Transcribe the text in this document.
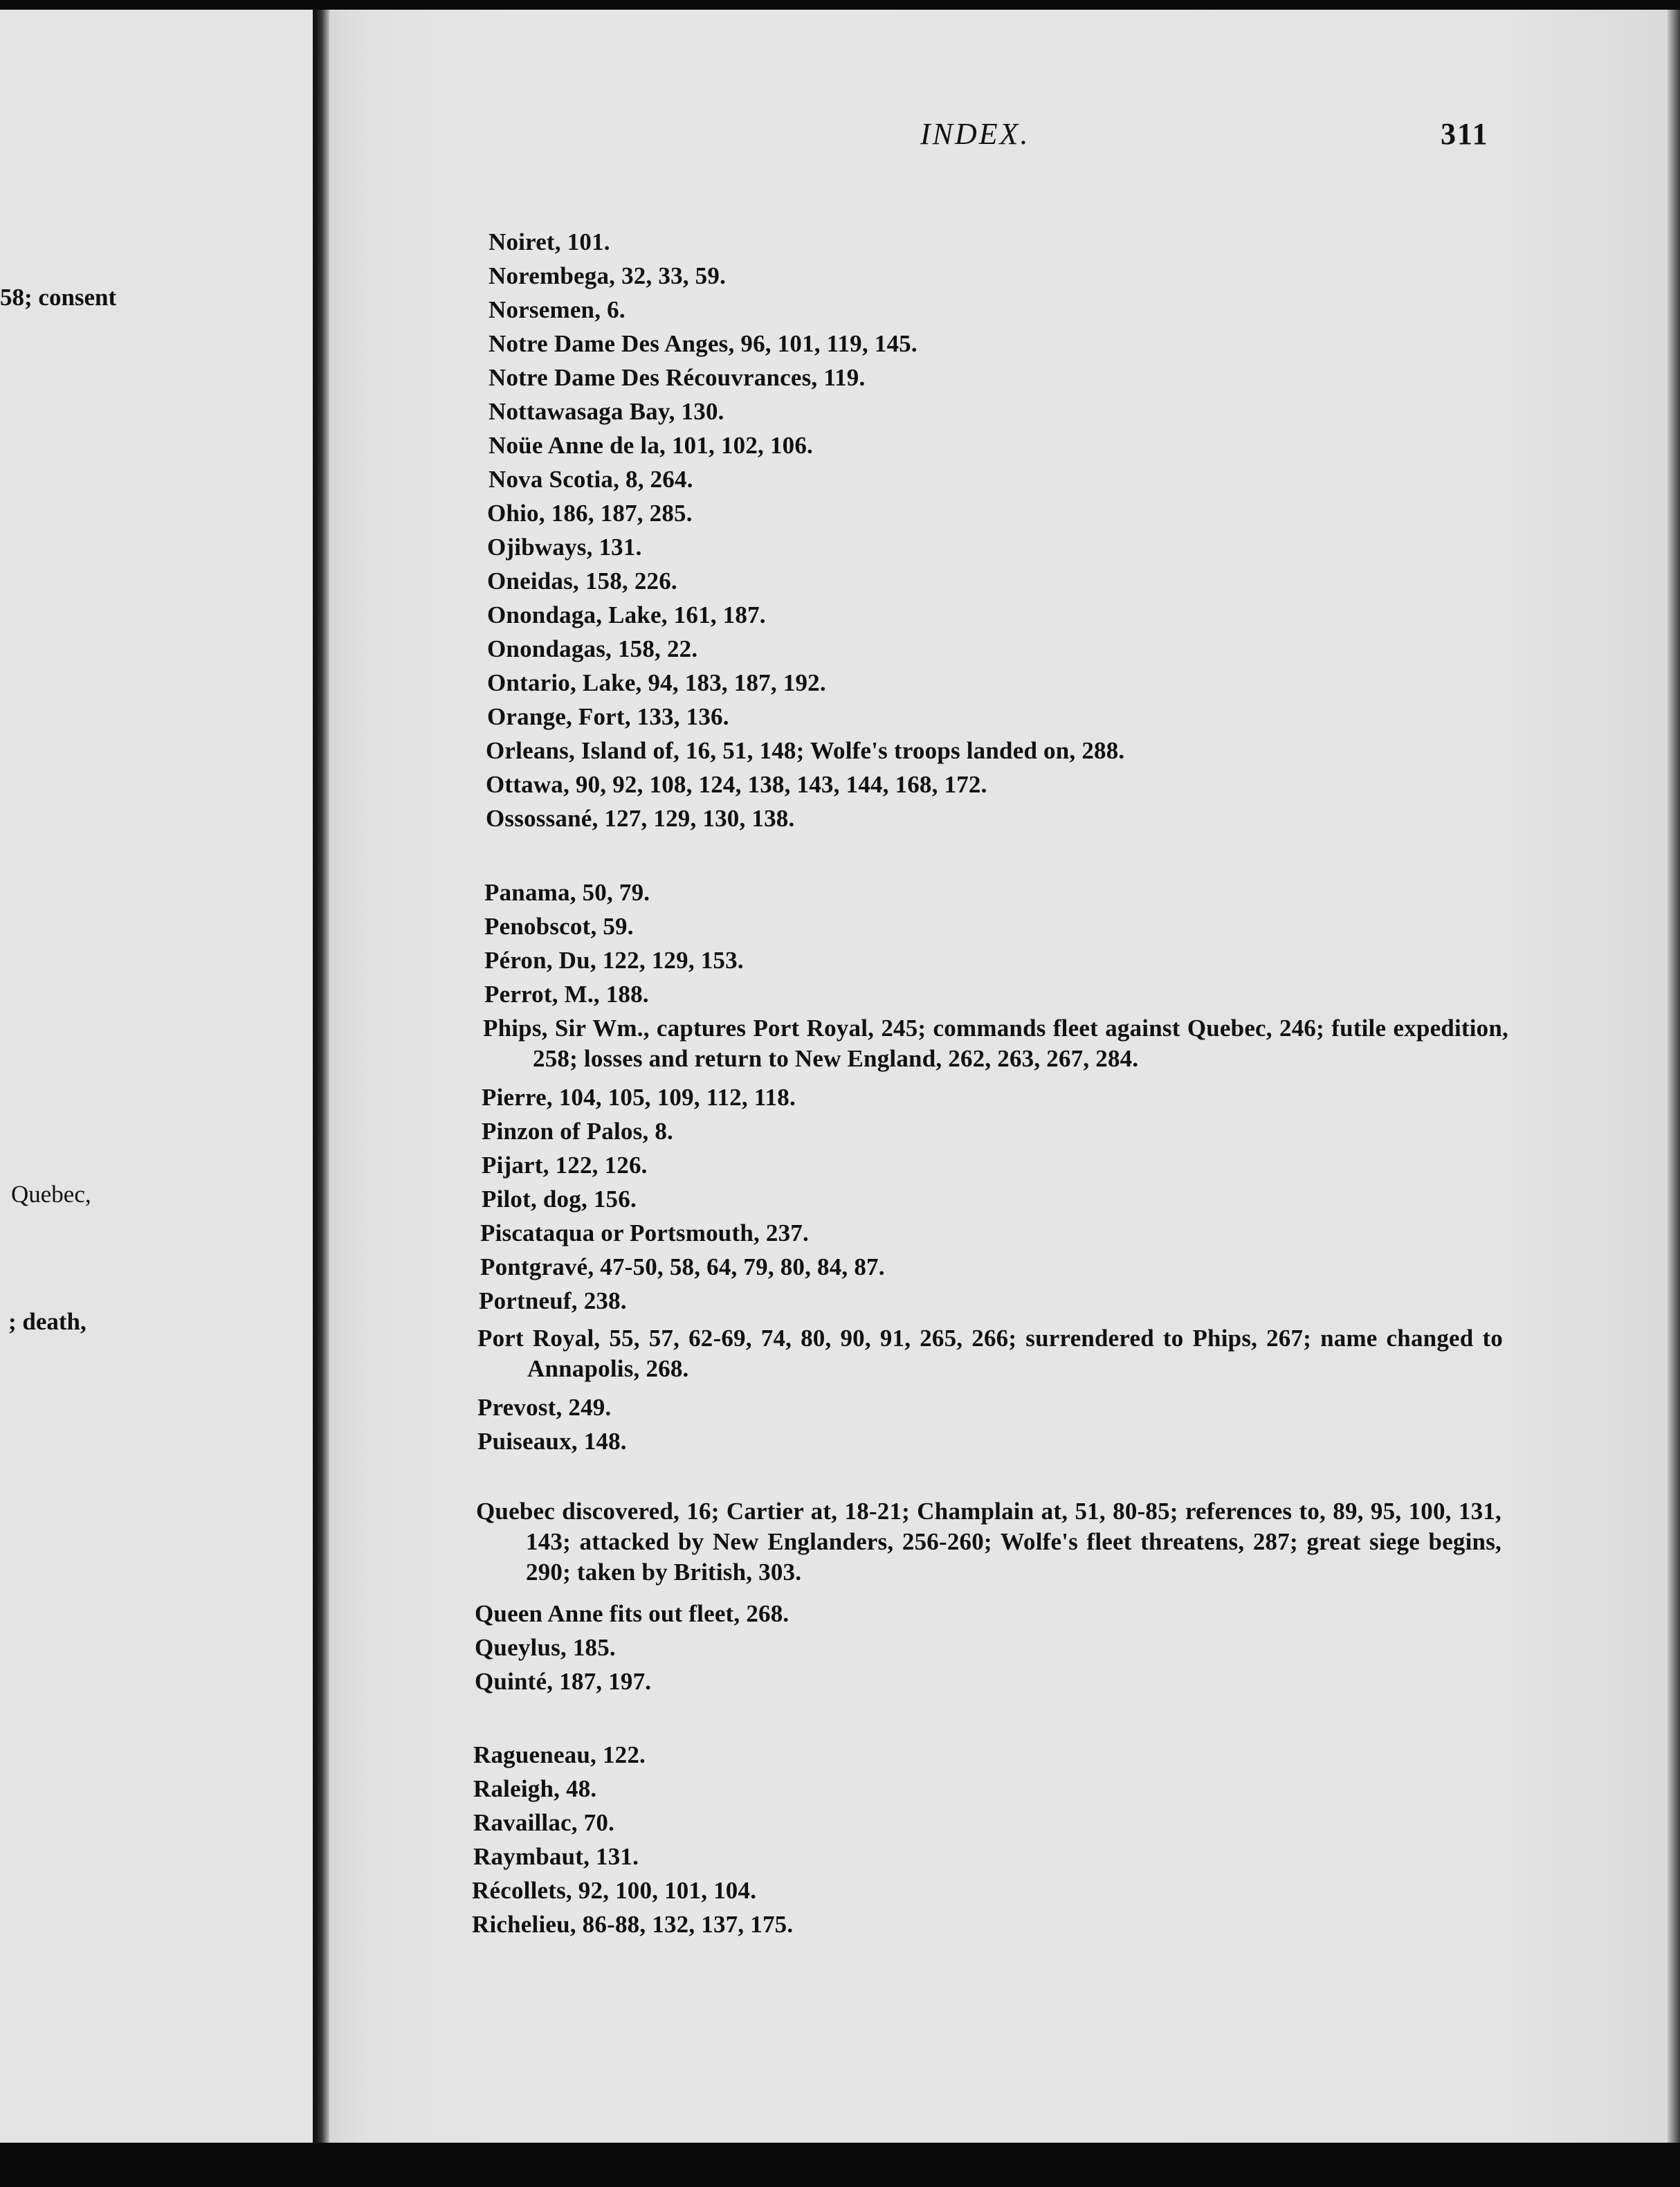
58; consent
Quebec,
; death,
INDEX.	311
Noiret, 101.
Norembega, 32, 33, 59.
Norsemen, 6.
Notre Dame Des Anges, 96, 101, 119, 145.
Notre Dame Des Récouvrances, 119.
Nottawasaga Bay, 130.
Noüe Anne de la, 101, 102, 106.
Nova Scotia, 8, 264.
Ohio, 186, 187, 285.
Ojibways, 131.
Oneidas, 158, 226.
Onondaga, Lake, 161, 187.
Onondagas, 158, 22.
Ontario, Lake, 94, 183, 187, 192.
Orange, Fort, 133, 136.
Orleans, Island of, 16, 51, 148; Wolfe's troops landed on, 288.
Ottawa, 90, 92, 108, 124, 138, 143, 144, 168, 172.
Ossossané, 127, 129, 130, 138.
Panama, 50, 79.
Penobscot, 59.
Péron, Du, 122, 129, 153.
Perrot, M., 188.
Phips, Sir Wm., captures Port Royal, 245; commands fleet against Quebec, 246; futile expedition, 258; losses and return to New England, 262, 263, 267, 284.
Pierre, 104, 105, 109, 112, 118.
Pinzon of Palos, 8.
Pijart, 122, 126.
Pilot, dog, 156.
Piscataqua or Portsmouth, 237.
Pontgravé, 47-50, 58, 64, 79, 80, 84, 87.
Portneuf, 238.
Port Royal, 55, 57, 62-69, 74, 80, 90, 91, 265, 266; surrendered to Phips, 267; name changed to Annapolis, 268.
Prevost, 249.
Puiseaux, 148.
Quebec discovered, 16; Cartier at, 18-21; Champlain at, 51, 80-85; references to, 89, 95, 100, 131, 143; attacked by New Englanders, 256-260; Wolfe's fleet threatens, 287; great siege begins, 290; taken by British, 303.
Queen Anne fits out fleet, 268.
Queylus, 185.
Quinté, 187, 197.
Ragueneau, 122.
Raleigh, 48.
Ravaillac, 70.
Raymbaut, 131.
Récollets, 92, 100, 101, 104.
Richelieu, 86-88, 132, 137, 175.
